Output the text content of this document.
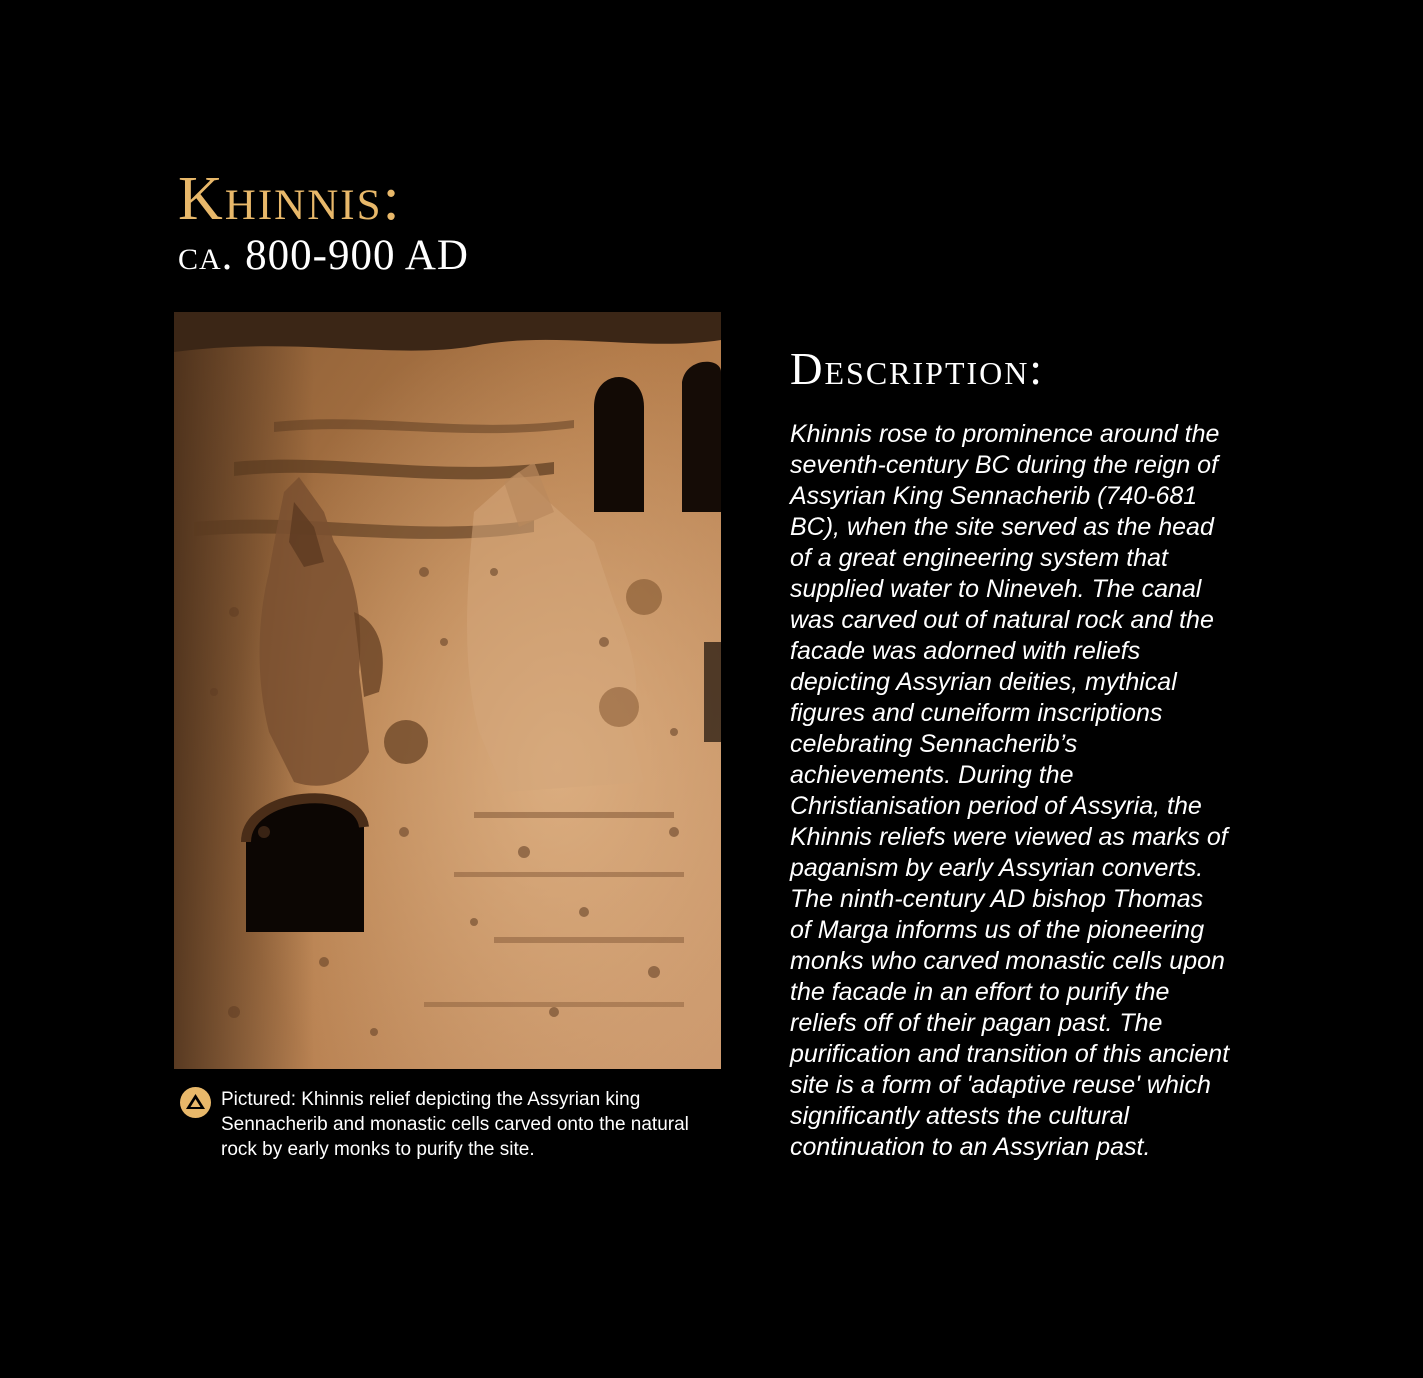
Khinnis:
ca. 800-900 AD
Pictured: Khinnis relief depicting the Assyrian king Sennacherib and monastic cells carved onto the natural rock by early monks to purify the site.
Description:

Khinnis rose to prominence around the seventh-century BC during the reign of Assyrian King Sennacherib (740-681 BC), when the site served as the head of a great engineering system that supplied water to Nineveh. The canal was carved out of natural rock and the facade was adorned with reliefs depicting Assyrian deities, mythical figures and cuneiform inscriptions celebrating Sennacherib’s achievements. During the Christianisation period of Assyria, the Khinnis reliefs were viewed as marks of paganism by early Assyrian converts. The ninth-century AD bishop Thomas of Marga informs us of the pioneering monks who carved monastic cells upon the facade in an effort to purify the reliefs off of their pagan past. The purification and transition of this ancient site is a form of 'adaptive reuse' which significantly attests the cultural continuation to an Assyrian past.
